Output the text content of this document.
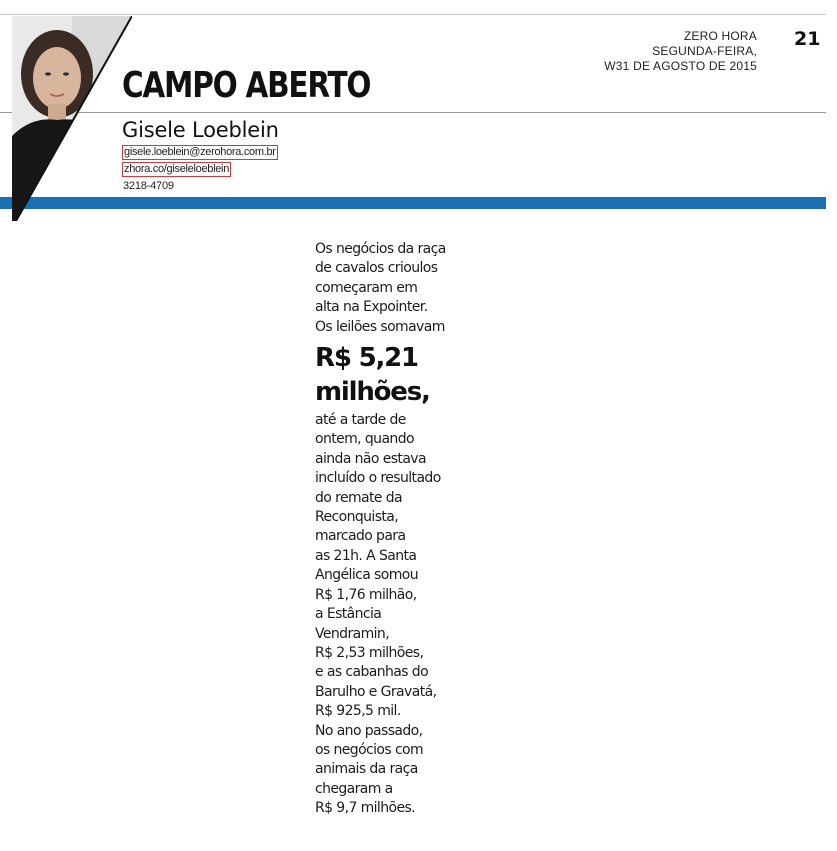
CAMPO ABERTO
Gisele Loeblein
gisele.loeblein@zerohora.com.br
zhora.co/giseleloeblein
3218-4709
ZERO HORA
SEGUNDA-FEIRA,
W31 DE AGOSTO DE 2015
21

Os negócios da raça
de cavalos crioulos
começaram em
alta na Expointer.
Os leilões somavam

R$ 5,21
milhões,

até a tarde de
ontem, quando
ainda não estava
incluído o resultado
do remate da
Reconquista,
marcado para
as 21h. A Santa
Angélica somou
R$ 1,76 milhão,
a Estância
Vendramin,
R$ 2,53 milhões,
e as cabanhas do
Barulho e Gravatá,
R$ 925,5 mil.
No ano passado,
os negócios com
animais da raça
chegaram a
R$ 9,7 milhões.
